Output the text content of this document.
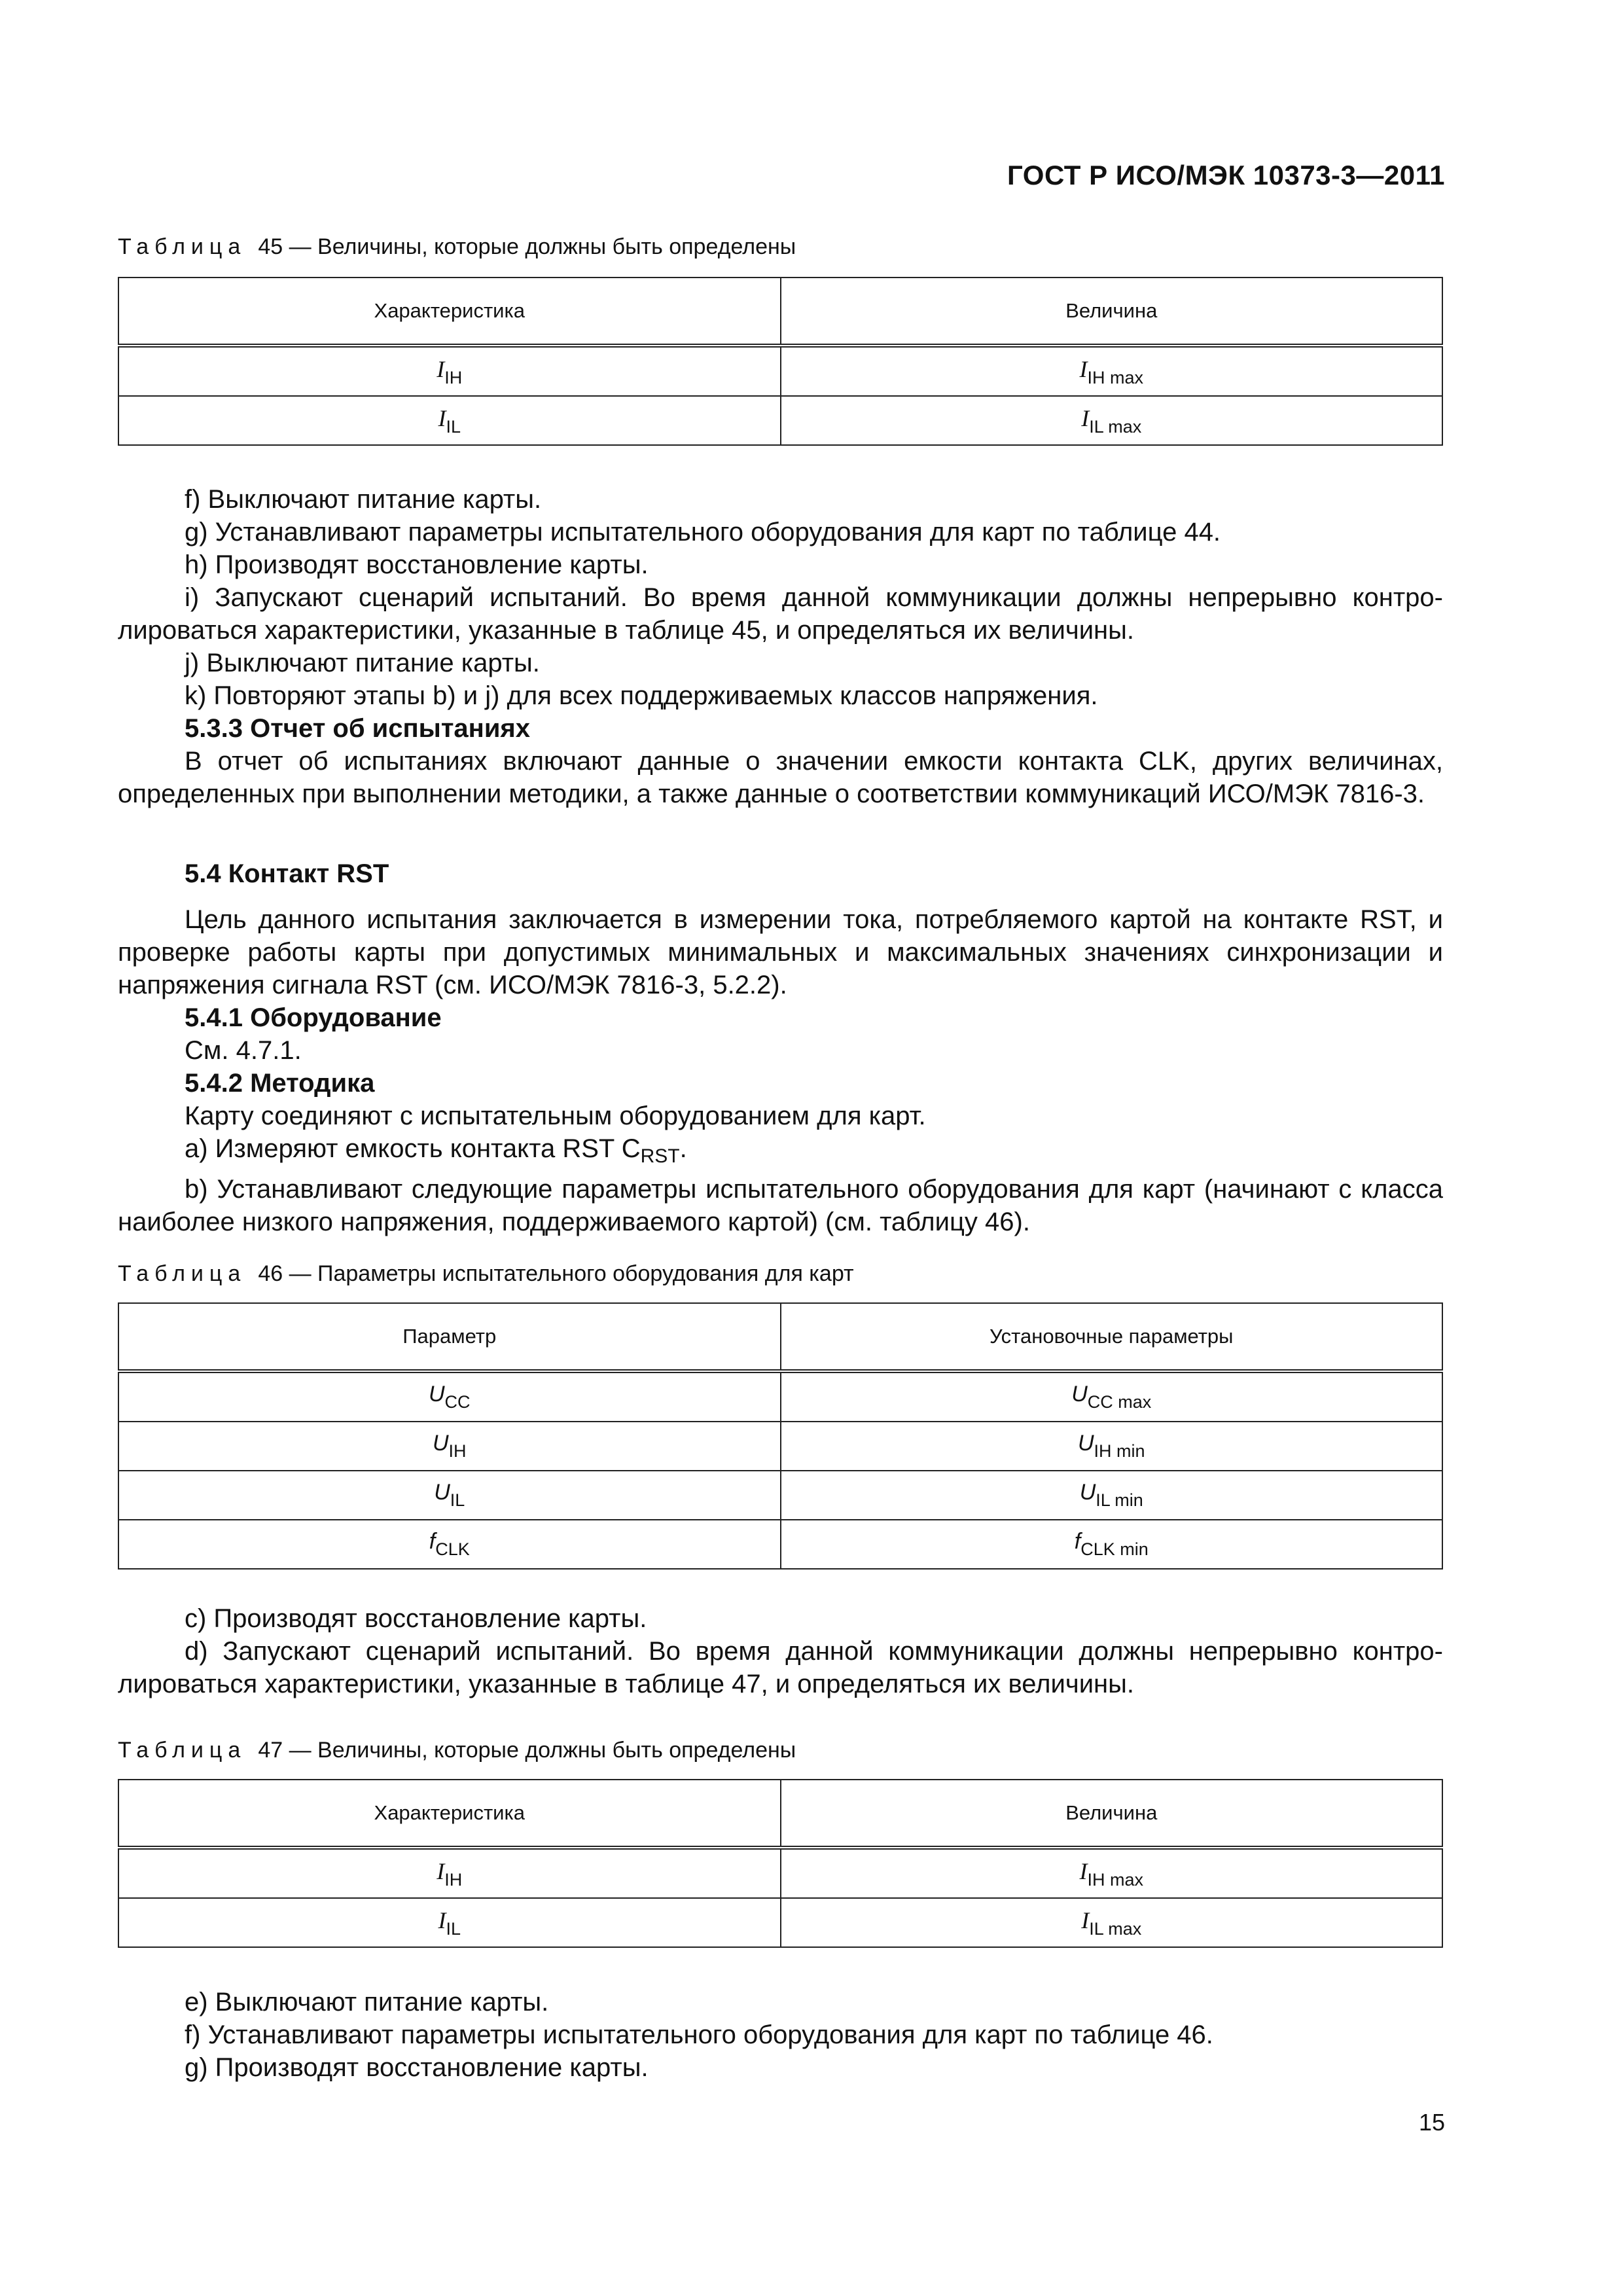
ГОСТ Р ИСО/МЭК 10373-3—2011
Таблица 45 — Величины, которые должны быть определены
Характеристика	Величина
$I_{IH}$	$I_{IH max}$
$I_{IL}$	$I_{IL max}$

f) Выключают питание карты.

g) Устанавливают параметры испытательного оборудования для карт по таблице 44.

h) Производят восстановление карты.

i) Запускают сценарий испытаний. Во время данной коммуникации должны непрерывно контролироваться характеристики, указанные в таблице 45, и определяться их величины.

j) Выключают питание карты.

k) Повторяют этапы b) и j) для всех поддерживаемых классов напряжения.

5.3.3 Отчет об испытаниях

В отчет об испытаниях включают данные о значении емкости контакта CLK, других величинах, определенных при выполнении методики, а также данные о соответствии коммуникаций ИСО/МЭК 7816-3.

5.4 Контакт RST

Цель данного испытания заключается в измерении тока, потребляемого картой на контакте RST, и проверке работы карты при допустимых минимальных и максимальных значениях синхронизации и напряжения сигнала RST (см. ИСО/МЭК 7816-3, 5.2.2).

5.4.1 Оборудование

См. 4.7.1.

5.4.2 Методика

Карту соединяют с испытательным оборудованием для карт.

а) Измеряют емкость контакта RST $C_{RST}$.

b) Устанавливают следующие параметры испытательного оборудования для карт (начинают с класса наиболее низкого напряжения, поддерживаемого картой) (см. таблицу 46).

Таблица 46 — Параметры испытательного оборудования для карт
Параметр	Установочные параметры
$U_{CC}$	$U_{CC max}$
$U_{IH}$	$U_{IH min}$
$U_{IL}$	$U_{IL min}$
$f_{CLK}$	$f_{CLK min}$

c) Производят восстановление карты.

d) Запускают сценарий испытаний. Во время данной коммуникации должны непрерывно контролироваться характеристики, указанные в таблице 47, и определяться их величины.

Таблица 47 — Величины, которые должны быть определены
Характеристика	Величина
$I_{IH}$	$I_{IH max}$
$I_{IL}$	$I_{IL max}$

е) Выключают питание карты.

f) Устанавливают параметры испытательного оборудования для карт по таблице 46.

g) Производят восстановление карты.

15
